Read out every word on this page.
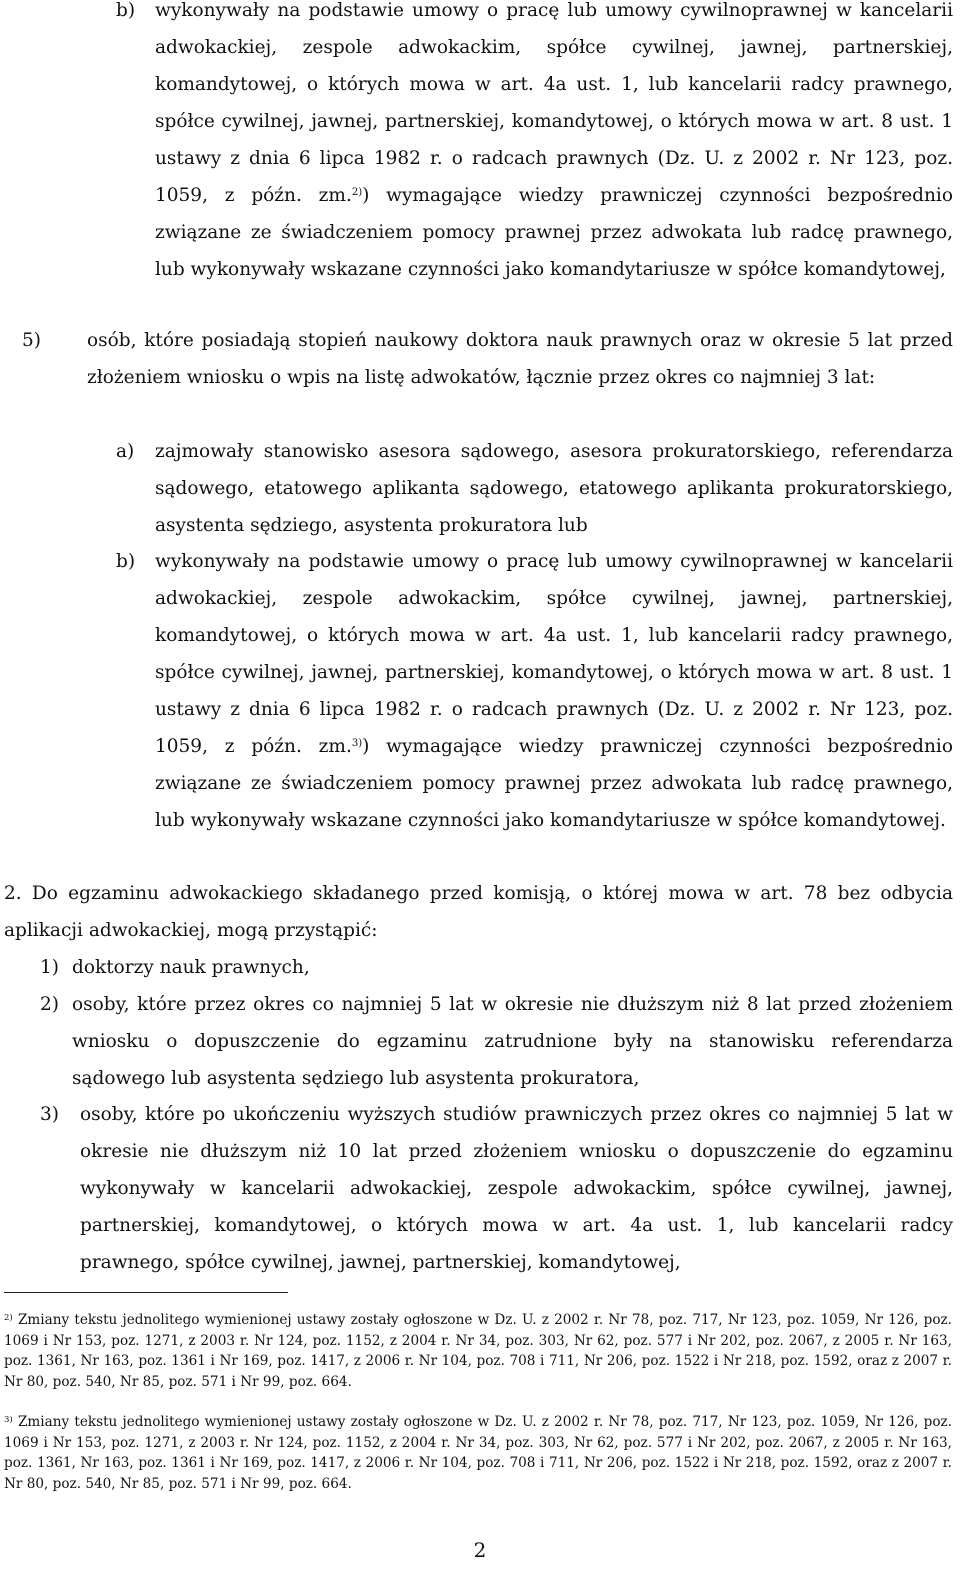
b) wykonywały na podstawie umowy o pracę lub umowy cywilnoprawnej w kancelarii adwokackiej, zespole adwokackim, spółce cywilnej, jawnej, partnerskiej, komandytowej, o których mowa w art. 4a ust. 1, lub kancelarii radcy prawnego, spółce cywilnej, jawnej, partnerskiej, komandytowej, o których mowa w art. 8 ust. 1 ustawy z dnia 6 lipca 1982 r. o radcach prawnych (Dz. U. z 2002 r. Nr 123, poz. 1059, z późn. zm.$^{2)}$) wymagające wiedzy prawniczej czynności bezpośrednio związane ze świadczeniem pomocy prawnej przez adwokata lub radcę prawnego, lub wykonywały wskazane czynności jako komandytariusze w spółce komandytowej,

5) osób, które posiadają stopień naukowy doktora nauk prawnych oraz w okresie 5 lat przed złożeniem wniosku o wpis na listę adwokatów, łącznie przez okres co najmniej 3 lat:

a) zajmowały stanowisko asesora sądowego, asesora prokuratorskiego, referendarza sądowego, etatowego aplikanta sądowego, etatowego aplikanta prokuratorskiego, asystenta sędziego, asystenta prokuratora lub

b) wykonywały na podstawie umowy o pracę lub umowy cywilnoprawnej w kancelarii adwokackiej, zespole adwokackim, spółce cywilnej, jawnej, partnerskiej, komandytowej, o których mowa w art. 4a ust. 1, lub kancelarii radcy prawnego, spółce cywilnej, jawnej, partnerskiej, komandytowej, o których mowa w art. 8 ust. 1 ustawy z dnia 6 lipca 1982 r. o radcach prawnych (Dz. U. z 2002 r. Nr 123, poz. 1059, z późn. zm.$^{3)}$) wymagające wiedzy prawniczej czynności bezpośrednio związane ze świadczeniem pomocy prawnej przez adwokata lub radcę prawnego, lub wykonywały wskazane czynności jako komandytariusze w spółce komandytowej.

2. Do egzaminu adwokackiego składanego przed komisją, o której mowa w art. 78 bez odbycia aplikacji adwokackiej, mogą przystąpić:

1) doktorzy nauk prawnych,

2) osoby, które przez okres co najmniej 5 lat w okresie nie dłuższym niż 8 lat przed złożeniem wniosku o dopuszczenie do egzaminu zatrudnione były na stanowisku referendarza sądowego lub asystenta sędziego lub asystenta prokuratora,

3) osoby, które po ukończeniu wyższych studiów prawniczych przez okres co najmniej 5 lat w okresie nie dłuższym niż 10 lat przed złożeniem wniosku o dopuszczenie do egzaminu wykonywały w kancelarii adwokackiej, zespole adwokackim, spółce cywilnej, jawnej, partnerskiej, komandytowej, o których mowa w art. 4a ust. 1, lub kancelarii radcy prawnego, spółce cywilnej, jawnej, partnerskiej, komandytowej,

$^{2)}$ Zmiany tekstu jednolitego wymienionej ustawy zostały ogłoszone w Dz. U. z 2002 r. Nr 78, poz. 717, Nr 123, poz. 1059, Nr 126, poz. 1069 i Nr 153, poz. 1271, z 2003 r. Nr 124, poz. 1152, z 2004 r. Nr 34, poz. 303, Nr 62, poz. 577 i Nr 202, poz. 2067, z 2005 r. Nr 163, poz. 1361, Nr 163, poz. 1361 i Nr 169, poz. 1417, z 2006 r. Nr 104, poz. 708 i 711, Nr 206, poz. 1522 i Nr 218, poz. 1592, oraz z 2007 r. Nr 80, poz. 540, Nr 85, poz. 571 i Nr 99, poz. 664.
$^{3)}$ Zmiany tekstu jednolitego wymienionej ustawy zostały ogłoszone w Dz. U. z 2002 r. Nr 78, poz. 717, Nr 123, poz. 1059, Nr 126, poz. 1069 i Nr 153, poz. 1271, z 2003 r. Nr 124, poz. 1152, z 2004 r. Nr 34, poz. 303, Nr 62, poz. 577 i Nr 202, poz. 2067, z 2005 r. Nr 163, poz. 1361, Nr 163, poz. 1361 i Nr 169, poz. 1417, z 2006 r. Nr 104, poz. 708 i 711, Nr 206, poz. 1522 i Nr 218, poz. 1592, oraz z 2007 r. Nr 80, poz. 540, Nr 85, poz. 571 i Nr 99, poz. 664.
2
